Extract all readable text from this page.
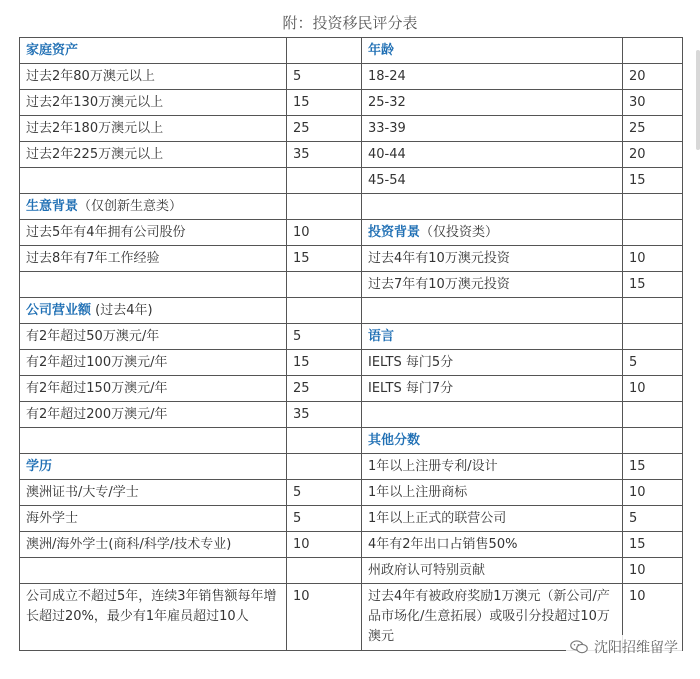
附：投资移民评分表
家庭资产		年龄	
过去2年80万澳元以上	5	18-24	20
过去2年130万澳元以上	15	25-32	30
过去2年180万澳元以上	25	33-39	25
过去2年225万澳元以上	35	40-44	20
		45-54	15
生意背景（仅创新生意类）			
过去5年有4年拥有公司股份	10	投资背景（仅投资类）	
过去8年有7年工作经验	15	过去4年有10万澳元投资	10
		过去7年有10万澳元投资	15
公司营业额 (过去4年)			
有2年超过50万澳元/年	5	语言	
有2年超过100万澳元/年	15	IELTS 每门5分	5
有2年超过150万澳元/年	25	IELTS 每门7分	10
有2年超过200万澳元/年	35		
		其他分数	
学历		1年以上注册专利/设计	15
澳洲证书/大专/学士	5	1年以上注册商标	10
海外学士	5	1年以上正式的联营公司	5
澳洲/海外学士(商科/科学/技术专业)	10	4年有2年出口占销售50%	15
		州政府认可特别贡献	10
公司成立不超过5年，连续3年销售额每年增长超过20%，最少有1年雇员超过10人	10	过去4年有被政府奖励1万澳元（新公司/产品市场化/生意拓展）或吸引分投超过10万澳元	10
沈阳招维留学
